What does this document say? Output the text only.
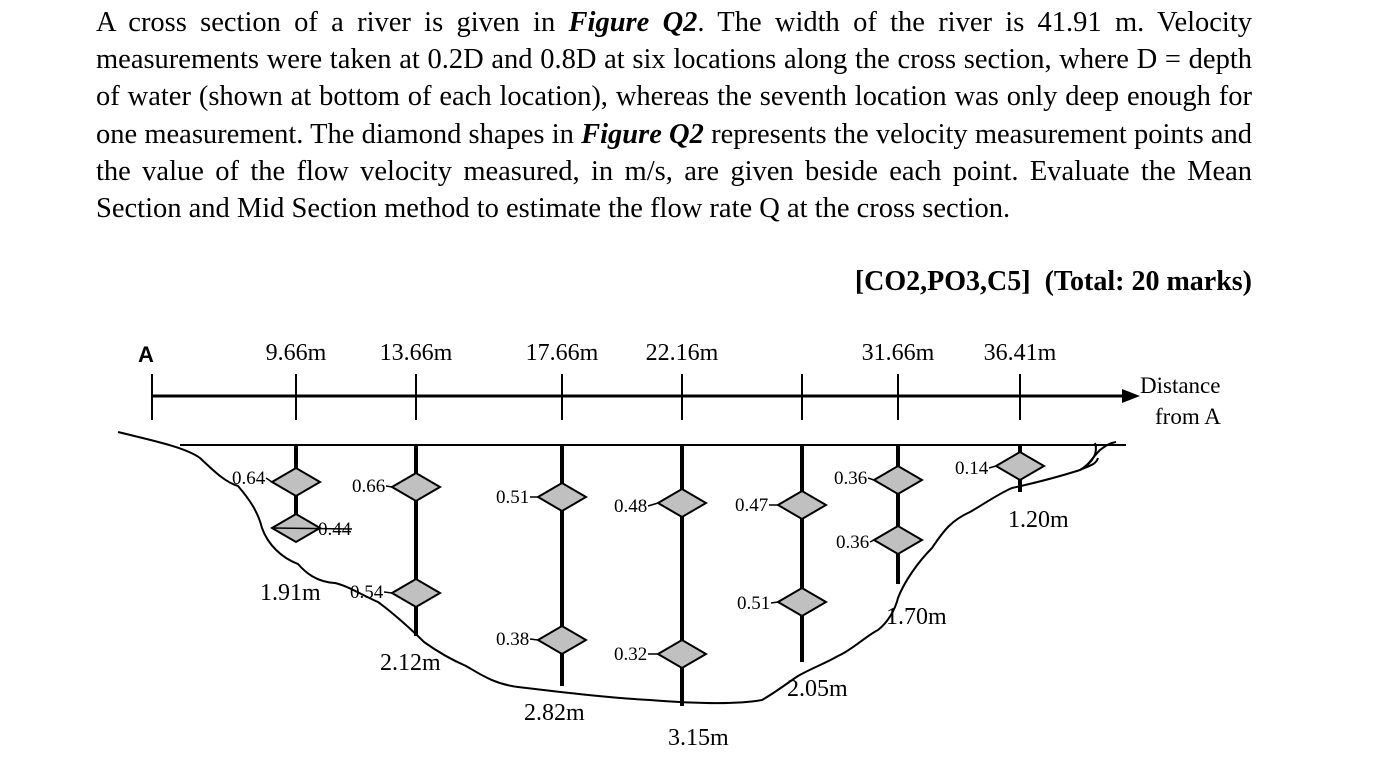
A cross section of a river is given in Figure Q2. The width of the river is 41.91 m. Velocity measurements were taken at 0.2D and 0.8D at six locations along the cross section, where D = depth of water (shown at bottom of each location), whereas the seventh location was only deep enough for one measurement. The diamond shapes in Figure Q2 represents the velocity measurement points and the value of the flow velocity measured, in m/s, are given beside each point. Evaluate the Mean Section and Mid Section method to estimate the flow rate Q at the cross section.

[CO2,PO3,C5]  (Total: 20 marks)
A	9.66m 13.66m	17.66m 22.16m	31.66m 36.41m
Distance
from A
0.64
0.44
1.91m
0.66
0.54
2.12m
0.51
0.38
2.82m
0.48
0.32
3.15m
0.47
0.51
2.05m
0.36
0.36
1.70m
0.14
1.20m
